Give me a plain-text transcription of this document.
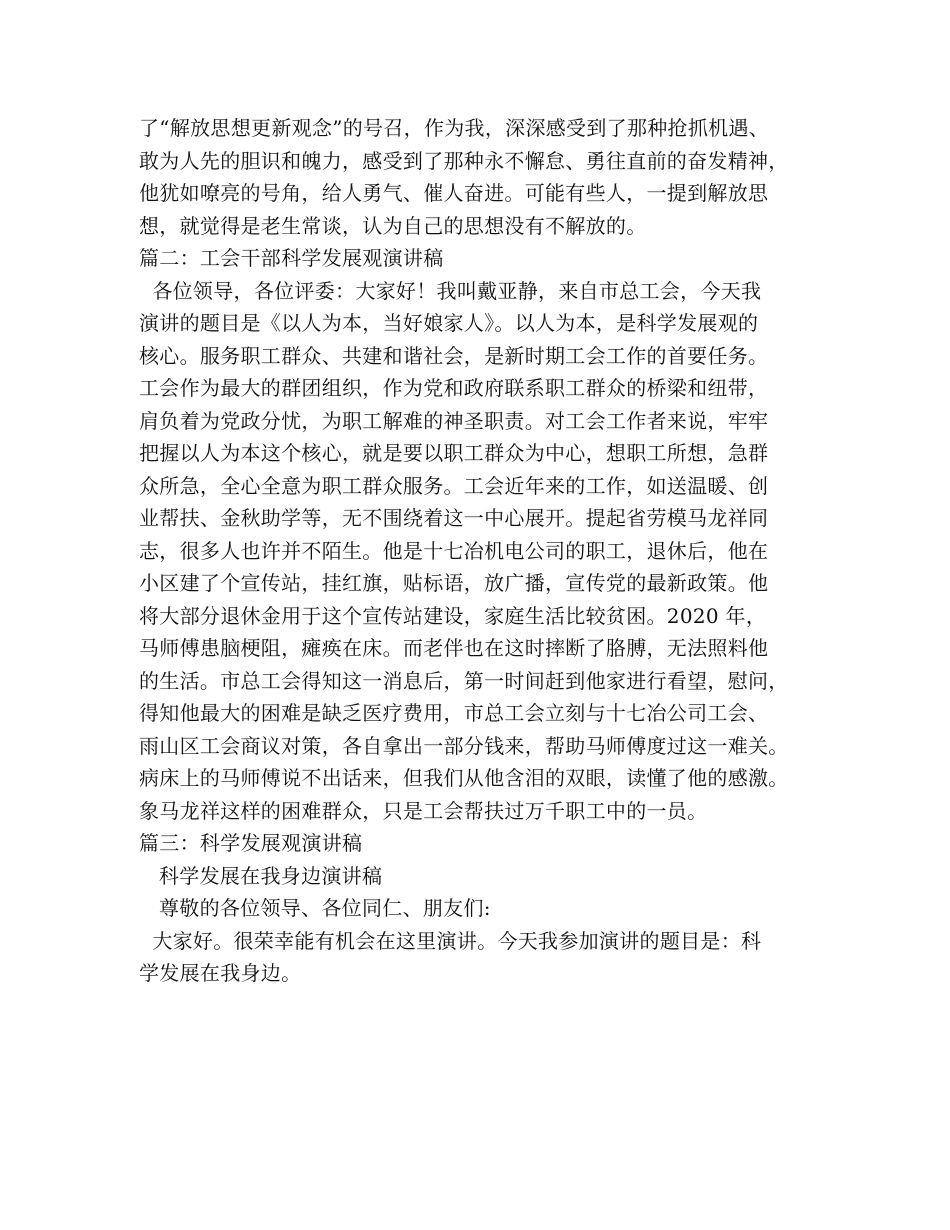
了“解放思想更新观念”的号召，作为我，深深感受到了那种抢抓机遇、
敢为人先的胆识和魄力，感受到了那种永不懈怠、勇往直前的奋发精神，
他犹如嘹亮的号角，给人勇气、催人奋进。可能有些人，一提到解放思
想，就觉得是老生常谈，认为自己的思想没有不解放的。
篇二：工会干部科学发展观演讲稿
各位领导，各位评委：大家好！我叫戴亚静，来自市总工会，今天我
演讲的题目是《以人为本，当好娘家人》。以人为本，是科学发展观的
核心。服务职工群众、共建和谐社会，是新时期工会工作的首要任务。
工会作为最大的群团组织，作为党和政府联系职工群众的桥梁和纽带，
肩负着为党政分忧，为职工解难的神圣职责。对工会工作者来说，牢牢
把握以人为本这个核心，就是要以职工群众为中心，想职工所想，急群
众所急，全心全意为职工群众服务。工会近年来的工作，如送温暖、创
业帮扶、金秋助学等，无不围绕着这一中心展开。提起省劳模马龙祥同
志，很多人也许并不陌生。他是十七冶机电公司的职工，退休后，他在
小区建了个宣传站，挂红旗，贴标语，放广播，宣传党的最新政策。他
将大部分退休金用于这个宣传站建设，家庭生活比较贫困。2020 年，
马师傅患脑梗阻，瘫痪在床。而老伴也在这时摔断了胳膊，无法照料他
的生活。市总工会得知这一消息后，第一时间赶到他家进行看望，慰问，
得知他最大的困难是缺乏医疗费用，市总工会立刻与十七冶公司工会、
雨山区工会商议对策，各自拿出一部分钱来，帮助马师傅度过这一难关。
病床上的马师傅说不出话来，但我们从他含泪的双眼，读懂了他的感激。
象马龙祥这样的困难群众，只是工会帮扶过万千职工中的一员。
篇三：科学发展观演讲稿
科学发展在我身边演讲稿
尊敬的各位领导、各位同仁、朋友们:
大家好。很荣幸能有机会在这里演讲。今天我参加演讲的题目是：科
学发展在我身边。
